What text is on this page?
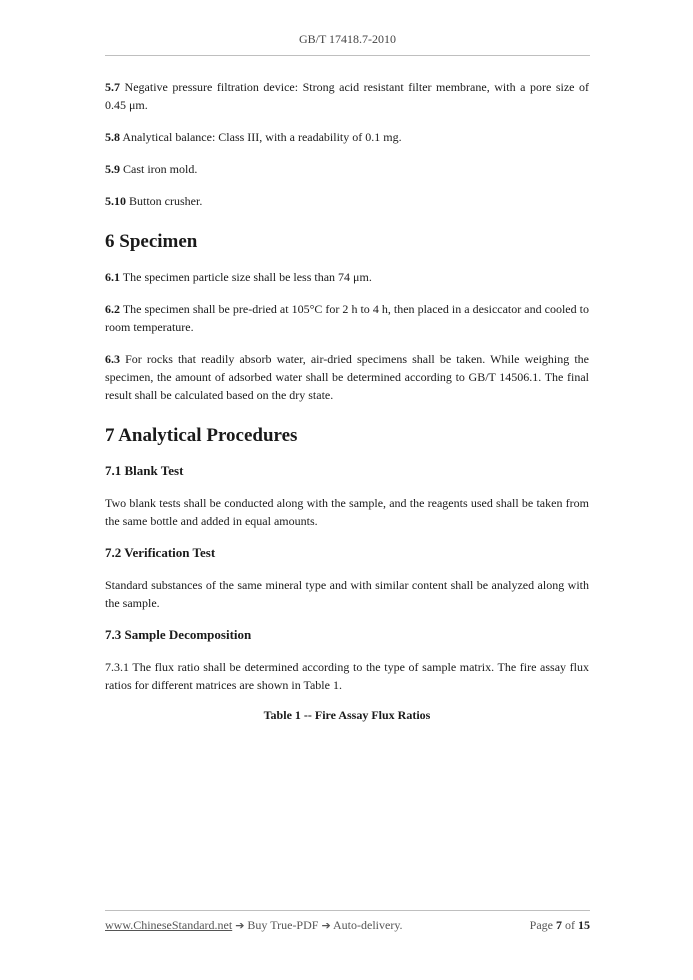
GB/T 17418.7-2010

5.7 Negative pressure filtration device: Strong acid resistant filter membrane, with a pore size of 0.45 μm.

5.8 Analytical balance: Class III, with a readability of 0.1 mg.

5.9 Cast iron mold.

5.10 Button crusher.

6 Specimen

6.1 The specimen particle size shall be less than 74 μm.

6.2 The specimen shall be pre-dried at 105°C for 2 h to 4 h, then placed in a desiccator and cooled to room temperature.

6.3 For rocks that readily absorb water, air-dried specimens shall be taken. While weighing the specimen, the amount of adsorbed water shall be determined according to GB/T 14506.1. The final result shall be calculated based on the dry state.

7 Analytical Procedures
7.1 Blank Test

Two blank tests shall be conducted along with the sample, and the reagents used shall be taken from the same bottle and added in equal amounts.

7.2 Verification Test

Standard substances of the same mineral type and with similar content shall be analyzed along with the sample.

7.3 Sample Decomposition

7.3.1 The flux ratio shall be determined according to the type of sample matrix. The fire assay flux ratios for different matrices are shown in Table 1.

Table 1 -- Fire Assay Flux Ratios
www.ChineseStandard.net ➔ Buy True-PDF ➔ Auto-delivery.	Page 7 of 15
